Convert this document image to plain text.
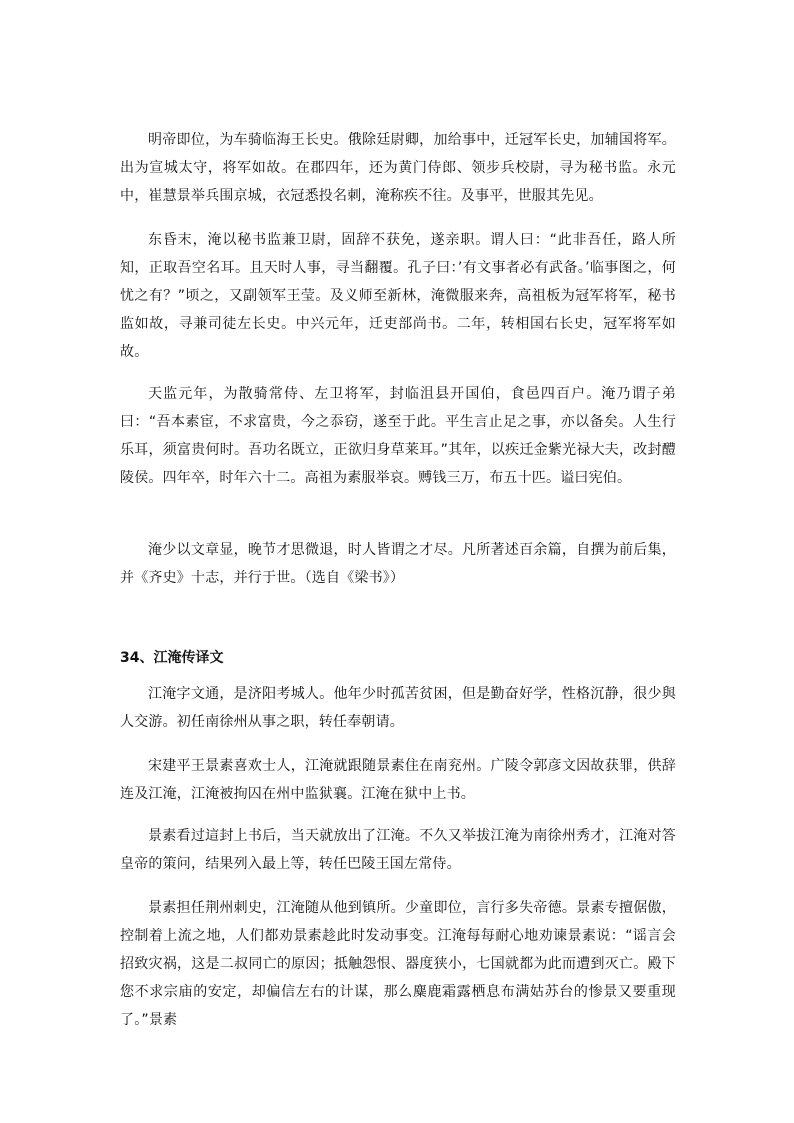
明帝即位，为车骑临海王长史。俄除廷尉卿，加给事中，迁冠军长史，加辅国将军。出为宣城太守，将军如故。在郡四年，还为黄门侍郎、领步兵校尉，寻为秘书监。永元中，崔慧景举兵围京城，衣冠悉投名刺，淹称疾不往。及事平，世服其先见。

东昏末，淹以秘书监兼卫尉，固辞不获免，遂亲职。谓人曰：“此非吾任，路人所知，正取吾空名耳。且天时人事，寻当翻覆。孔子曰：’有文事者必有武备。’临事图之，何忧之有？”顷之，又副领军王莹。及义师至新林，淹微服来奔，高祖板为冠军将军，秘书监如故，寻兼司徒左长史。中兴元年，迁吏部尚书。二年，转相国右长史，冠军将军如故。

天监元年，为散骑常侍、左卫将军，封临沮县开国伯，食邑四百户。淹乃谓子弟曰：“吾本素宦，不求富贵，今之忝窃，遂至于此。平生言止足之事，亦以备矣。人生行乐耳，须富贵何时。吾功名既立，正欲归身草莱耳。”其年，以疾迁金紫光禄大夫，改封醴陵侯。四年卒，时年六十二。高祖为素服举哀。赙钱三万，布五十匹。谥曰宪伯。

淹少以文章显，晚节才思微退，时人皆谓之才尽。凡所著述百余篇，自撰为前后集，并《齐史》十志，并行于世。（选自《梁书》）

34、江淹传译文

江淹字文通，是济阳考城人。他年少时孤苦贫困，但是勤奋好学，性格沉静，很少與人交游。初任南徐州从事之职，转任奉朝请。

宋建平王景素喜欢士人，江淹就跟随景素住在南兖州。广陵令郭彦文因故获罪，供辞连及江淹，江淹被拘囚在州中监狱襄。江淹在狱中上书。

景素看过這封上书后，当天就放出了江淹。不久又举拔江淹为南徐州秀才，江淹对答皇帝的策问，结果列入最上等，转任巴陵王国左常侍。

景素担任荆州刺史，江淹随从他到镇所。少童即位，言行多失帝德。景素专擅倨傲，控制着上流之地，人们都劝景素趁此时发动事变。江淹每每耐心地劝谏景素说：“谣言会招致灾祸，这是二叔同亡的原因；抵触怨恨、器度狭小，七国就都为此而遭到灭亡。殿下您不求宗庙的安定，却偏信左右的计谋，那么麋鹿霜露栖息布满姑苏台的惨景又要重现了。”景素
